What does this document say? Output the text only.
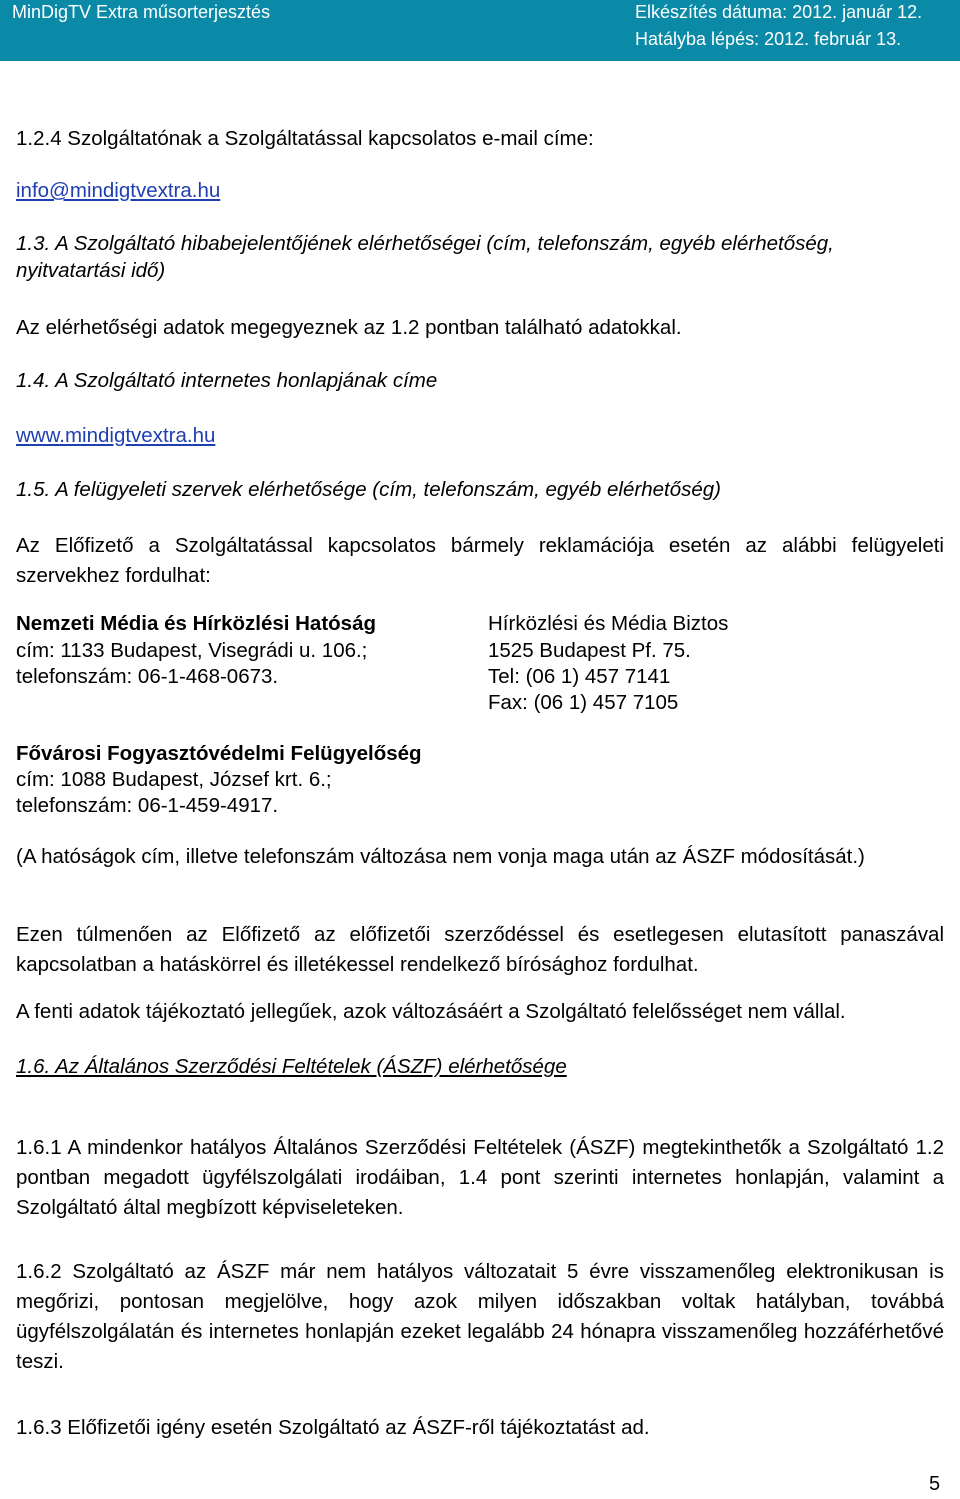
MinDigTV Extra műsorterjesztés	Elkészítés dátuma: 2012. január 12.
Hatályba lépés: 2012. február 13.
1.2.4 Szolgáltatónak a Szolgáltatással kapcsolatos e-mail címe:
info@mindigtvextra.hu
1.3. A Szolgáltató hibabejelentőjének elérhetőségei (cím, telefonszám, egyéb elérhetőség,
nyitvatartási idő)
Az elérhetőségi adatok megegyeznek az 1.2 pontban található adatokkal.
1.4. A Szolgáltató internetes honlapjának címe
www.mindigtvextra.hu
1.5. A felügyeleti szervek elérhetősége (cím, telefonszám, egyéb elérhetőség)
Az Előfizető a Szolgáltatással kapcsolatos bármely reklamációja esetén az alábbi felügyeleti szervekhez fordulhat:
Nemzeti Média és Hírközlési Hatóság
cím: 1133 Budapest, Visegrádi u. 106.;
telefonszám: 06-1-468-0673.
Hírközlési és Média Biztos
1525 Budapest Pf. 75.
Tel: (06 1) 457 7141
Fax: (06 1) 457 7105
Fővárosi Fogyasztóvédelmi Felügyelőség
cím: 1088 Budapest, József krt. 6.;
telefonszám: 06-1-459-4917.
(A hatóságok cím, illetve telefonszám változása nem vonja maga után az ÁSZF módosítását.)
Ezen túlmenően az Előfizető az előfizetői szerződéssel és esetlegesen elutasított panaszával kapcsolatban a hatáskörrel és illetékessel rendelkező bírósághoz fordulhat.
A fenti adatok tájékoztató jellegűek, azok változásáért a Szolgáltató felelősséget nem vállal.
1.6. Az Általános Szerződési Feltételek (ÁSZF) elérhetősége
1.6.1 A mindenkor hatályos Általános Szerződési Feltételek (ÁSZF) megtekinthetők a Szolgáltató 1.2 pontban megadott ügyfélszolgálati irodáiban, 1.4 pont szerinti internetes honlapján, valamint a Szolgáltató által megbízott képviseleteken.
1.6.2 Szolgáltató az ÁSZF már nem hatályos változatait 5 évre visszamenőleg elektronikusan is megőrizi, pontosan megjelölve, hogy azok milyen időszakban voltak hatályban, továbbá ügyfélszolgálatán és internetes honlapján ezeket legalább 24 hónapra visszamenőleg hozzáférhetővé teszi.
1.6.3 Előfizetői igény esetén Szolgáltató az ÁSZF-ről tájékoztatást ad.
5
